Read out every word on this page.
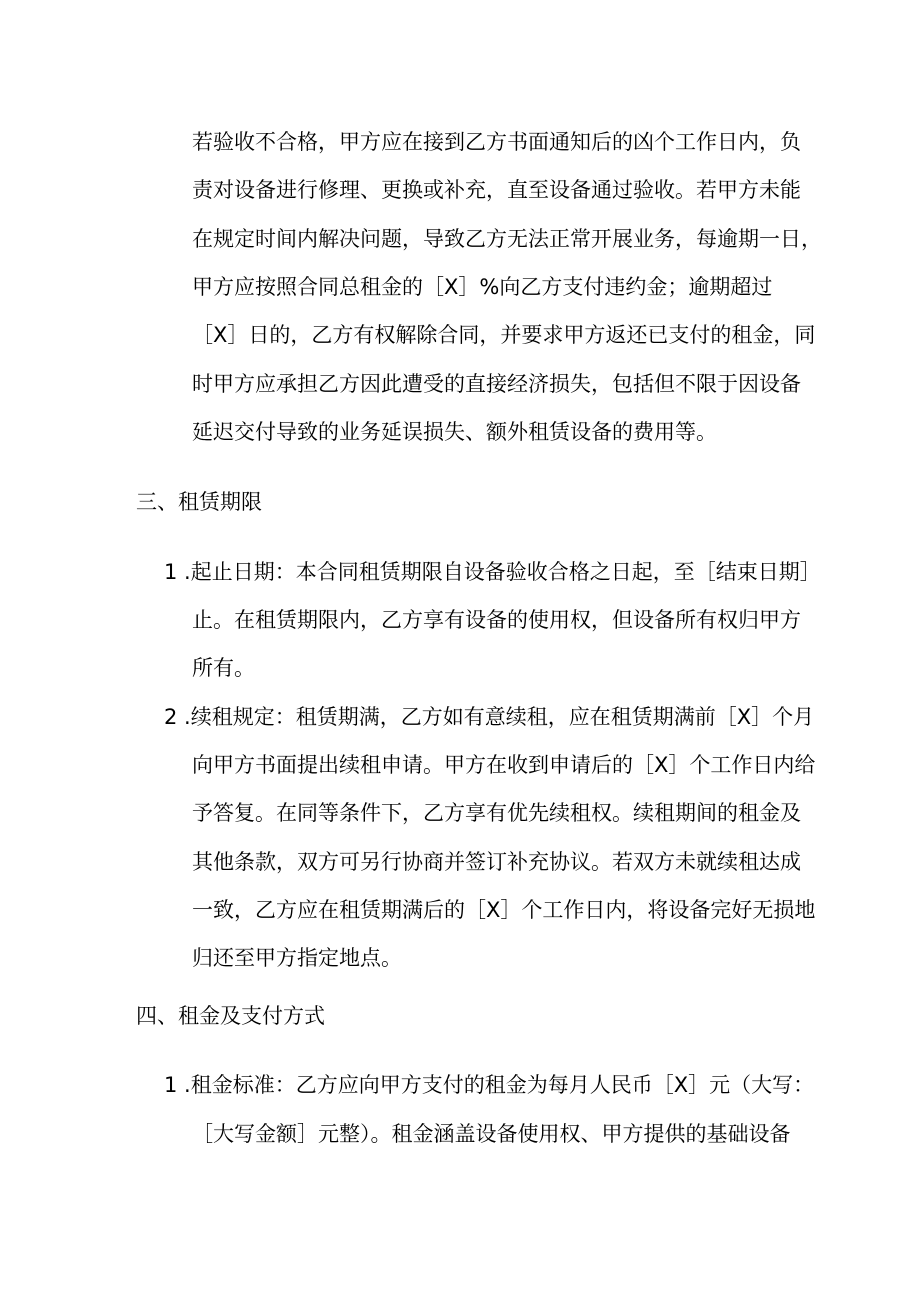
若验收不合格，甲方应在接到乙方书面通知后的凶个工作日内，负
责对设备进行修理、更换或补充，直至设备通过验收。若甲方未能
在规定时间内解决问题，导致乙方无法正常开展业务，每逾期一日，
甲方应按照合同总租金的［X］%向乙方支付违约金；逾期超过
［X］日的，乙方有权解除合同，并要求甲方返还已支付的租金，同
时甲方应承担乙方因此遭受的直接经济损失，包括但不限于因设备
延迟交付导致的业务延误损失、额外租赁设备的费用等。
三、租赁期限
1 .起止日期：本合同租赁期限自设备验收合格之日起，至［结束日期］
止。在租赁期限内，乙方享有设备的使用权，但设备所有权归甲方
所有。
2 .续租规定：租赁期满，乙方如有意续租，应在租赁期满前［X］个月
向甲方书面提出续租申请。甲方在收到申请后的［X］个工作日内给
予答复。在同等条件下，乙方享有优先续租权。续租期间的租金及
其他条款，双方可另行协商并签订补充协议。若双方未就续租达成
一致，乙方应在租赁期满后的［X］个工作日内，将设备完好无损地
归还至甲方指定地点。
四、租金及支付方式
1 .租金标准：乙方应向甲方支付的租金为每月人民币［X］元（大写：
［大写金额］元整）。租金涵盖设备使用权、甲方提供的基础设备
